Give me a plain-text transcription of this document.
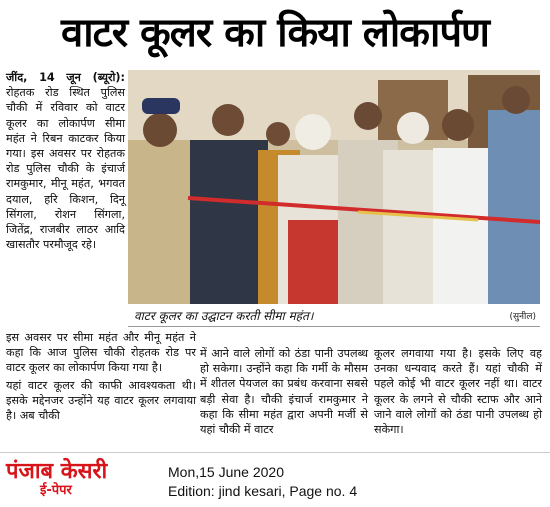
वाटर कूलर का किया लोकार्पण

जींद, 14 जून (ब्यूरो): रोहतक रोड स्थित पुलिस चौकी में रविवार को वाटर कूलर का लोकार्पण सीमा महंत ने रिबन काटकर किया गया। इस अवसर पर रोहतक रोड पुलिस चौकी के इंचार्ज रामकुमार, मीनू महंत, भगवत दयाल, हरि किशन, दिनू सिंगला, रोशन सिंगला, जितेंद्र, राजबीर लाठर आदि खासतौर परमौजूद रहे।

वाटर कूलर का उद्घाटन करती सीमा महंत।	(सुनील)

इस अवसर पर सीमा महंत और मीनू महंत ने कहा कि आज पुलिस चौकी रोहतक रोड पर वाटर कूलर का लोकार्पण किया गया है।

यहां वाटर कूलर की काफी आवश्यकता थी। इसके मद्देनजर उन्होंने यह वाटर कूलर लगवाया है। अब चौकी

में आने वाले लोगों को ठंडा पानी उपलब्ध हो सकेगा। उन्होंने कहा कि गर्मी के मौसम में शीतल पेयजल का प्रबंध करवाना सबसे बड़ी सेवा है। चौकी इंचार्ज रामकुमार ने कहा कि सीमा महंत द्वारा अपनी मर्जी से यहां चौकी में वाटर
कूलर लगवाया गया है। इसके लिए वह उनका धन्यवाद करते हैं। यहां चौकी में पहले कोई भी वाटर कूलर नहीं था। वाटर कूलर के लगने से चौकी स्टाफ और आने जाने वाले लोगों को ठंडा पानी उपलब्ध हो सकेगा।
पंजाब केसरी
ई-पेपर
Mon,15 June 2020
Edition: jind kesari, Page no. 4
